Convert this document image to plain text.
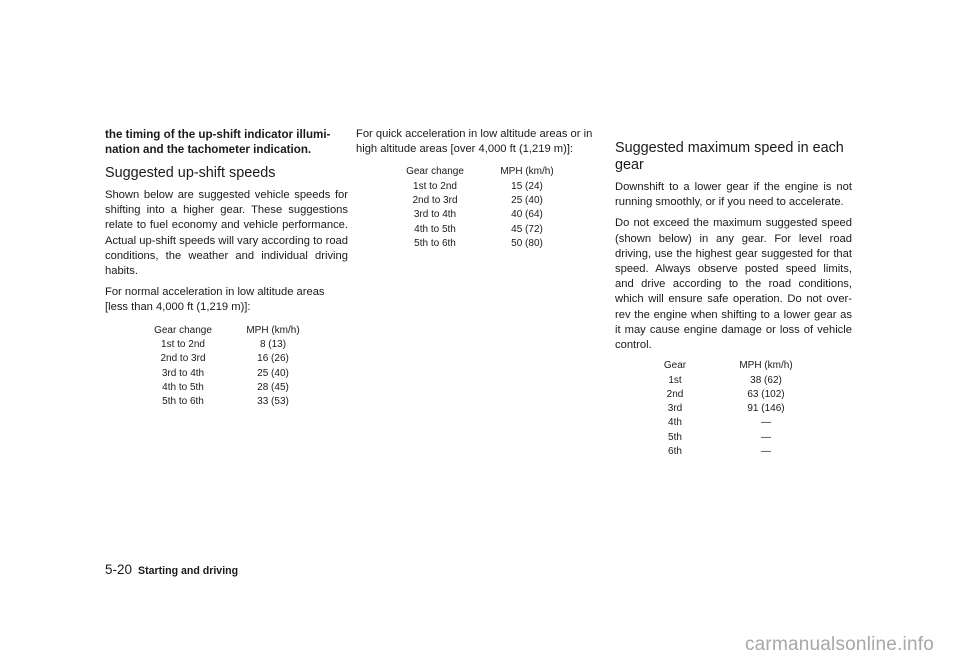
the timing of the up-shift indicator illumi- nation and the tachometer indication.

Suggested up-shift speeds

Shown below are suggested vehicle speeds for shifting into a higher gear. These suggestions relate to fuel economy and vehicle performance. Actual up-shift speeds will vary according to road conditions, the weather and individual driving habits.

For normal acceleration in low altitude areas [less than 4,000 ft (1,219 m)]:

Gear change	MPH (km/h)
1st to 2nd	8 (13)
2nd to 3rd	16 (26)
3rd to 4th	25 (40)
4th to 5th	28 (45)
5th to 6th	33 (53)

For quick acceleration in low altitude areas or in high altitude areas [over 4,000 ft (1,219 m)]:

Gear change	MPH (km/h)
1st to 2nd	15 (24)
2nd to 3rd	25 (40)
3rd to 4th	40 (64)
4th to 5th	45 (72)
5th to 6th	50 (80)
Suggested maximum speed in each gear

Downshift to a lower gear if the engine is not running smoothly, or if you need to accelerate.

Do not exceed the maximum suggested speed (shown below) in any gear. For level road driving, use the highest gear suggested for that speed. Always observe posted speed limits, and drive according to the road conditions, which will ensure safe operation. Do not over-rev the engine when shifting to a lower gear as it may cause engine damage or loss of vehicle control.

Gear	MPH (km/h)
1st	38 (62)
2nd	63 (102)
3rd	91 (146)
4th	—
5th	—
6th	—
5-20 Starting and driving
carmanualsonline.info
